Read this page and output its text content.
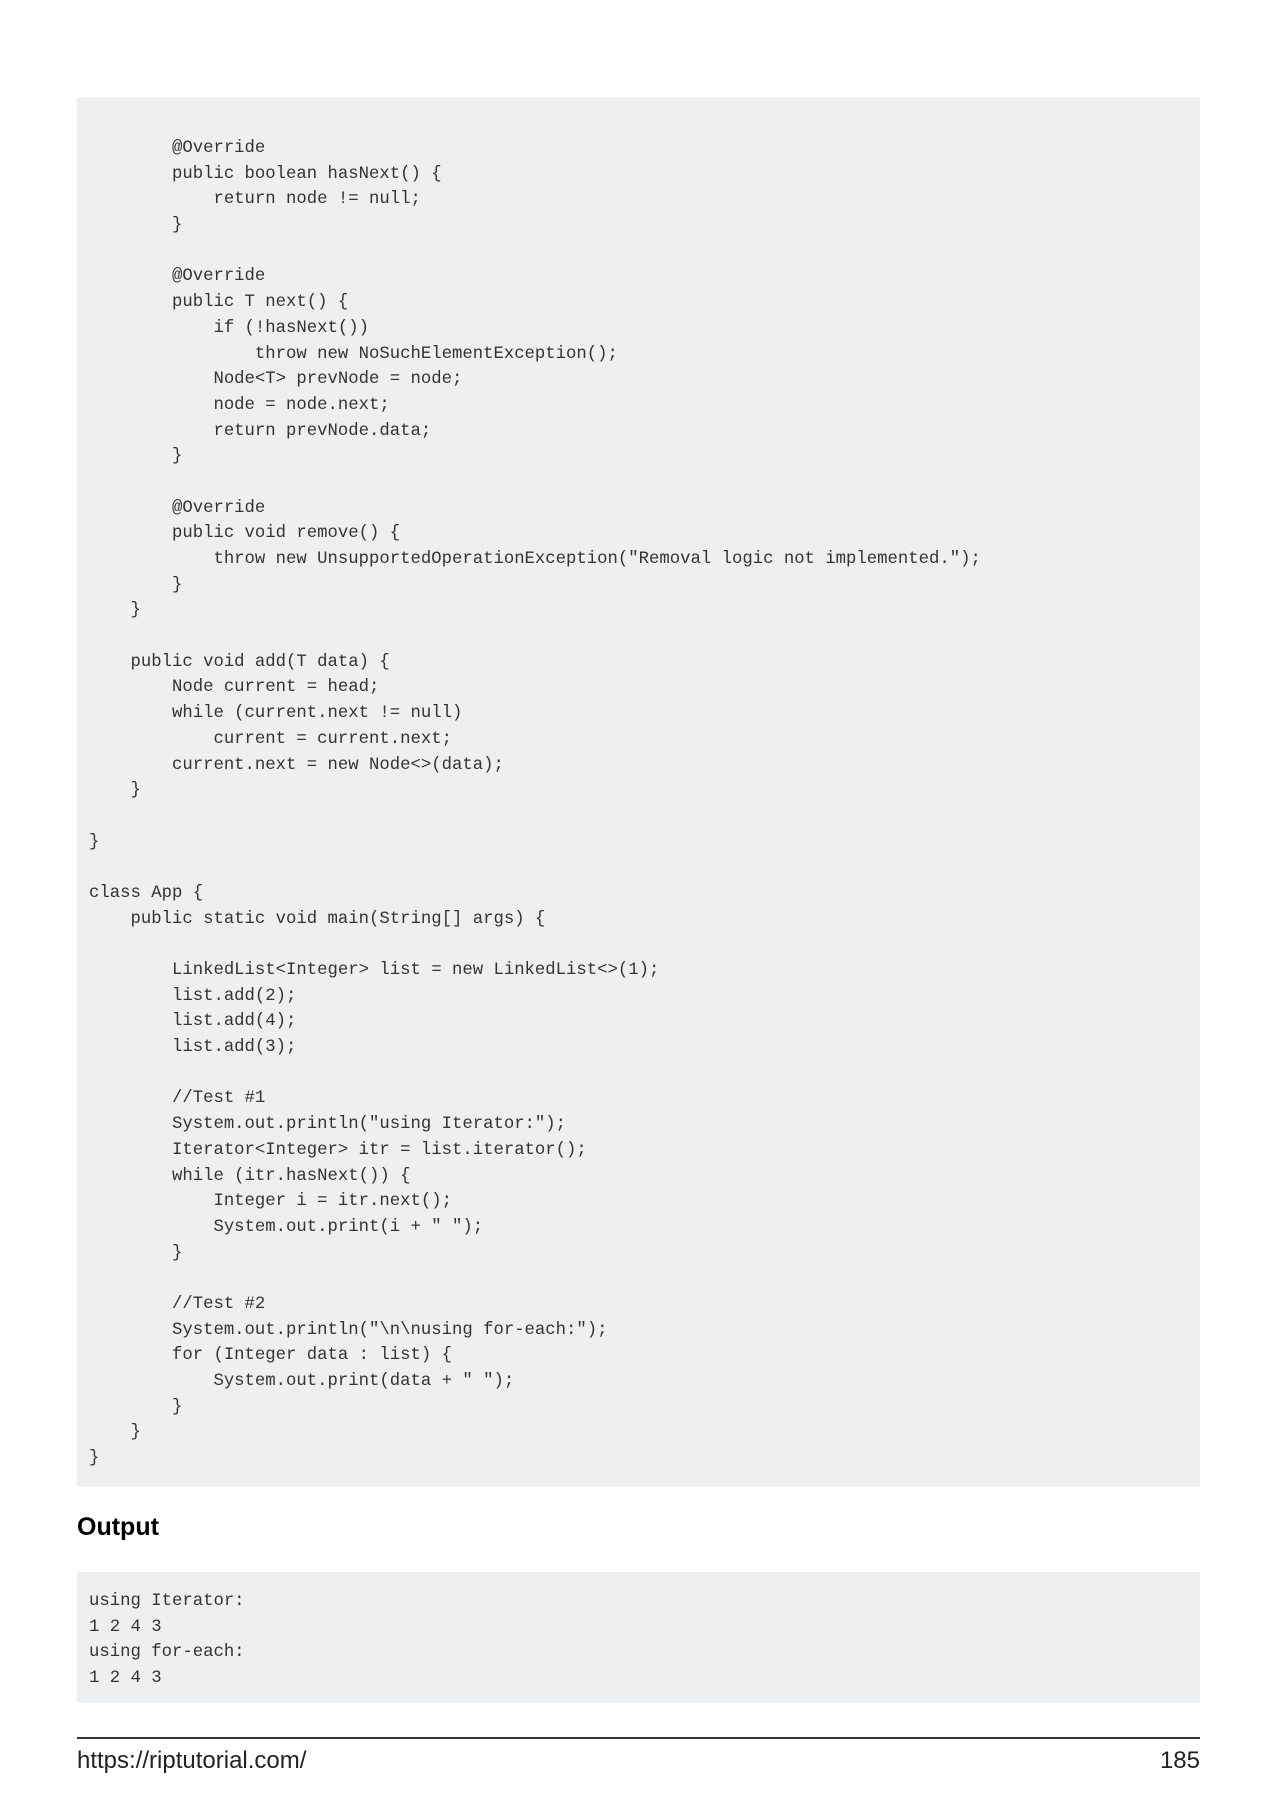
@Override
public boolean hasNext() {
return node != null;
}
@Override
public T next() {
if (!hasNext())
throw new NoSuchElementException();
Node<T> prevNode = node;
node = node.next;
return prevNode.data;
}
@Override
public void remove() {
throw new UnsupportedOperationException("Removal logic not implemented.");
}
}
public void add(T data) {
Node current = head;
while (current.next != null)
current = current.next;
current.next = new Node<>(data);
}
}
class App {
public static void main(String[] args) {
LinkedList<Integer> list = new LinkedList<>(1);
list.add(2);
list.add(4);
list.add(3);
//Test #1
System.out.println("using Iterator:");
Iterator<Integer> itr = list.iterator();
while (itr.hasNext()) {
Integer i = itr.next();
System.out.print(i + " ");
}
//Test #2
System.out.println("\n\nusing for-each:");
for (Integer data : list) {
System.out.print(data + " ");
}
}
}
Output
using Iterator:
1 2 4 3
using for-each:
1 2 4 3
https://riptutorial.com/	185
